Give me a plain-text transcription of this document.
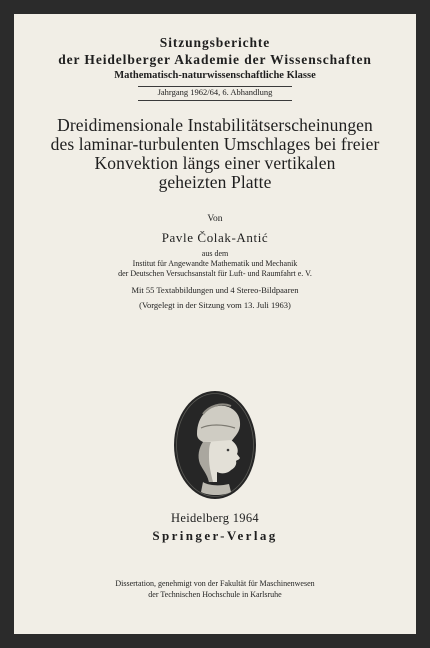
Sitzungsberichte
der Heidelberger Akademie der Wissenschaften
Mathematisch-naturwissenschaftliche Klasse
Jahrgang 1962/64, 6. Abhandlung
Dreidimensionale Instabilitätserscheinungen
des laminar-turbulenten Umschlages bei freier
Konvektion längs einer vertikalen
geheizten Platte
Von
Pavle Čolak-Antić
aus dem
Institut für Angewandte Mathematik und Mechanik
der Deutschen Versuchsanstalt für Luft- und Raumfahrt e. V.
Mit 55 Textabbildungen und 4 Stereo-Bildpaaren
(Vorgelegt in der Sitzung vom 13. Juli 1963)
Heidelberg 1964
Springer-Verlag
Dissertation, genehmigt von der Fakultät für Maschinenwesen
der Technischen Hochschule in Karlsruhe
